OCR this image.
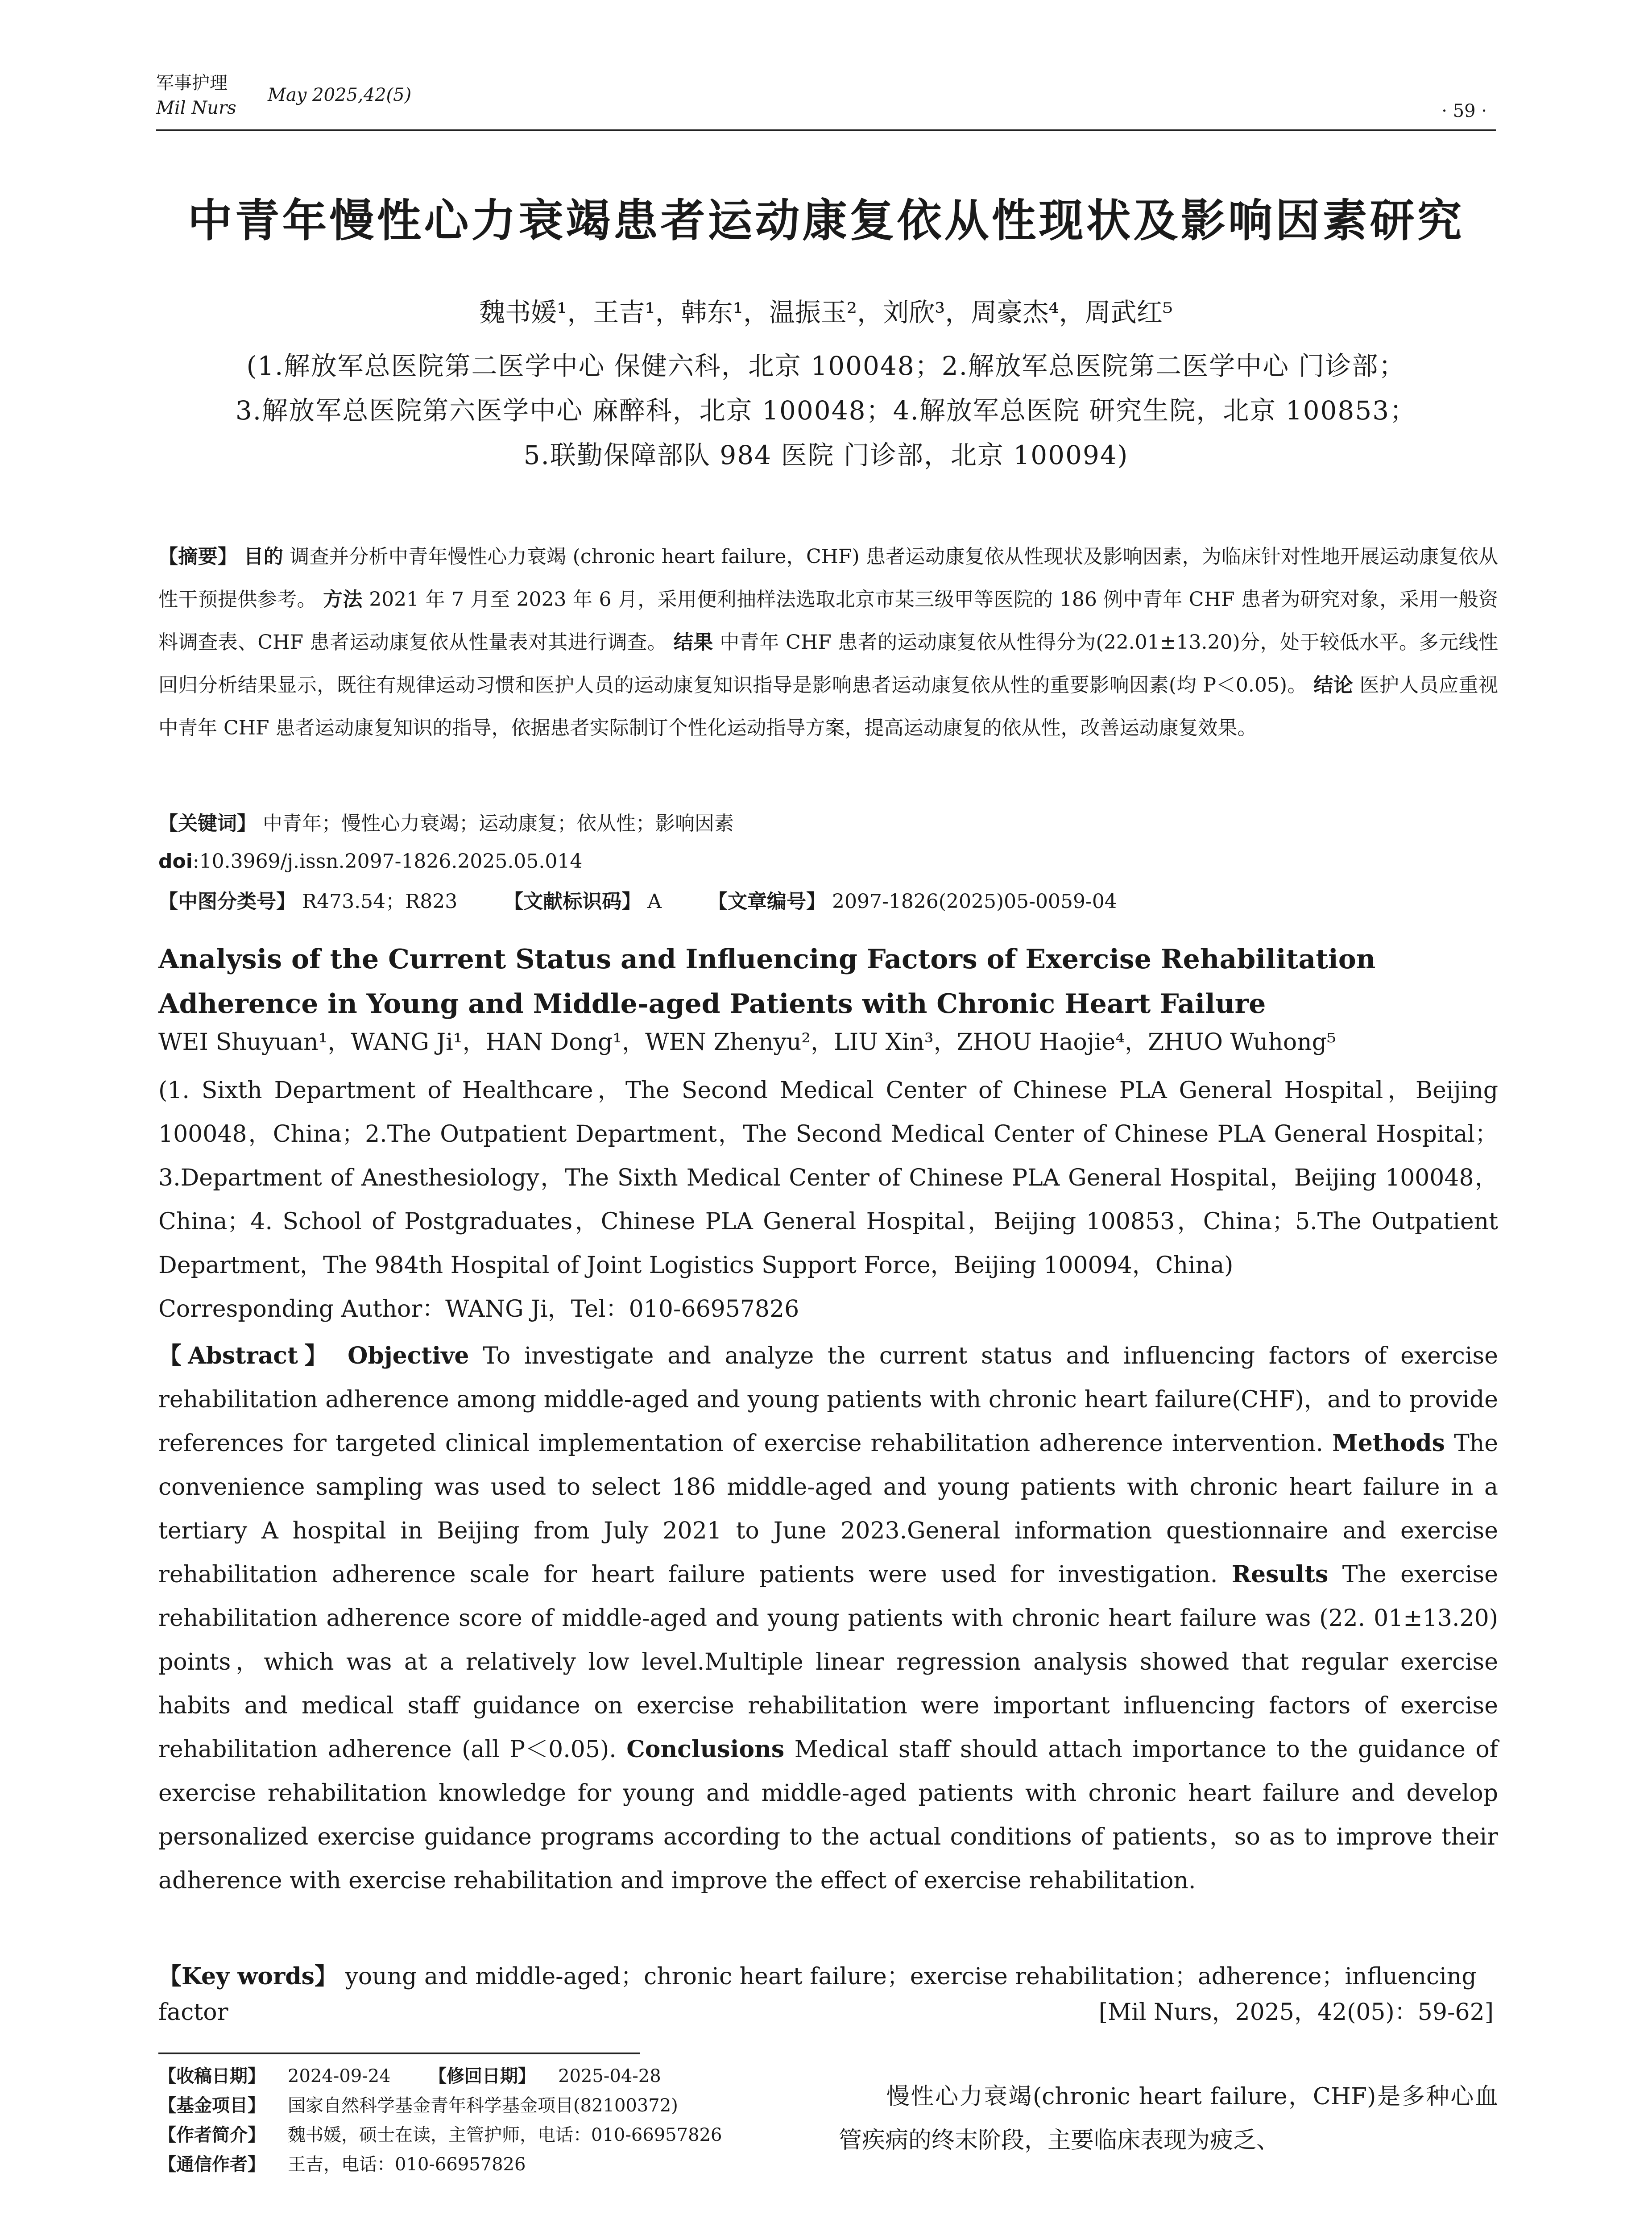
军事护理
Mil Nurs
May 2025,42(5)
· 59 ·
中青年慢性心力衰竭患者运动康复依从性现状及影响因素研究
魏书媛¹，王吉¹，韩东¹，温振玉²，刘欣³，周豪杰⁴，周武红⁵
(1.解放军总医院第二医学中心 保健六科，北京 100048；2.解放军总医院第二医学中心 门诊部；
3.解放军总医院第六医学中心 麻醉科，北京 100048；4.解放军总医院 研究生院，北京 100853；
5.联勤保障部队 984 医院 门诊部，北京 100094)
【摘要】 目的 调查并分析中青年慢性心力衰竭 (chronic heart failure，CHF) 患者运动康复依从性现状及影响因素，为临床针对性地开展运动康复依从性干预提供参考。 方法 2021 年 7 月至 2023 年 6 月，采用便利抽样法选取北京市某三级甲等医院的 186 例中青年 CHF 患者为研究对象，采用一般资料调查表、CHF 患者运动康复依从性量表对其进行调查。 结果 中青年 CHF 患者的运动康复依从性得分为(22.01±13.20)分，处于较低水平。多元线性回归分析结果显示，既往有规律运动习惯和医护人员的运动康复知识指导是影响患者运动康复依从性的重要影响因素(均 P＜0.05)。 结论 医护人员应重视中青年 CHF 患者运动康复知识的指导，依据患者实际制订个性化运动指导方案，提高运动康复的依从性，改善运动康复效果。
【关键词】 中青年；慢性心力衰竭；运动康复；依从性；影响因素
doi:10.3969/j.issn.2097-1826.2025.05.014
【中图分类号】 R473.54；R823 【文献标识码】 A 【文章编号】 2097-1826(2025)05-0059-04
Analysis of the Current Status and Influencing Factors of Exercise Rehabilitation Adherence in Young and Middle-aged Patients with Chronic Heart Failure
WEI Shuyuan¹，WANG Ji¹，HAN Dong¹，WEN Zhenyu²，LIU Xin³，ZHOU Haojie⁴，ZHUO Wuhong⁵
(1. Sixth Department of Healthcare，The Second Medical Center of Chinese PLA General Hospital，Beijing 100048，China；2.The Outpatient Department，The Second Medical Center of Chinese PLA General Hospital；3.Department of Anesthesiology，The Sixth Medical Center of Chinese PLA General Hospital，Beijing 100048，China；4. School of Postgraduates，Chinese PLA General Hospital，Beijing 100853，China；5.The Outpatient Department，The 984th Hospital of Joint Logistics Support Force，Beijing 100094，China)
Corresponding Author：WANG Ji，Tel：010-66957826
【Abstract】 Objective To investigate and analyze the current status and influencing factors of exercise rehabilitation adherence among middle-aged and young patients with chronic heart failure(CHF)，and to provide references for targeted clinical implementation of exercise rehabilitation adherence intervention. Methods The convenience sampling was used to select 186 middle-aged and young patients with chronic heart failure in a tertiary A hospital in Beijing from July 2021 to June 2023.General information questionnaire and exercise rehabilitation adherence scale for heart failure patients were used for investigation. Results The exercise rehabilitation adherence score of middle-aged and young patients with chronic heart failure was (22. 01±13.20) points，which was at a relatively low level.Multiple linear regression analysis showed that regular exercise habits and medical staff guidance on exercise rehabilitation were important influencing factors of exercise rehabilitation adherence (all P＜0.05). Conclusions Medical staff should attach importance to the guidance of exercise rehabilitation knowledge for young and middle-aged patients with chronic heart failure and develop personalized exercise guidance programs according to the actual conditions of patients，so as to improve their adherence with exercise rehabilitation and improve the effect of exercise rehabilitation.
【Key words】 young and middle-aged；chronic heart failure；exercise rehabilitation；adherence；influencing factor	[Mil Nurs，2025，42(05)：59-62]
【收稿日期】 2024-09-24 【修回日期】 2025-04-28
【基金项目】 国家自然科学基金青年科学基金项目(82100372)
【作者简介】 魏书媛，硕士在读，主管护师，电话：010-66957826
【通信作者】 王吉，电话：010-66957826
慢性心力衰竭(chronic heart failure，CHF)是多种心血管疾病的终末阶段，主要临床表现为疲乏、
